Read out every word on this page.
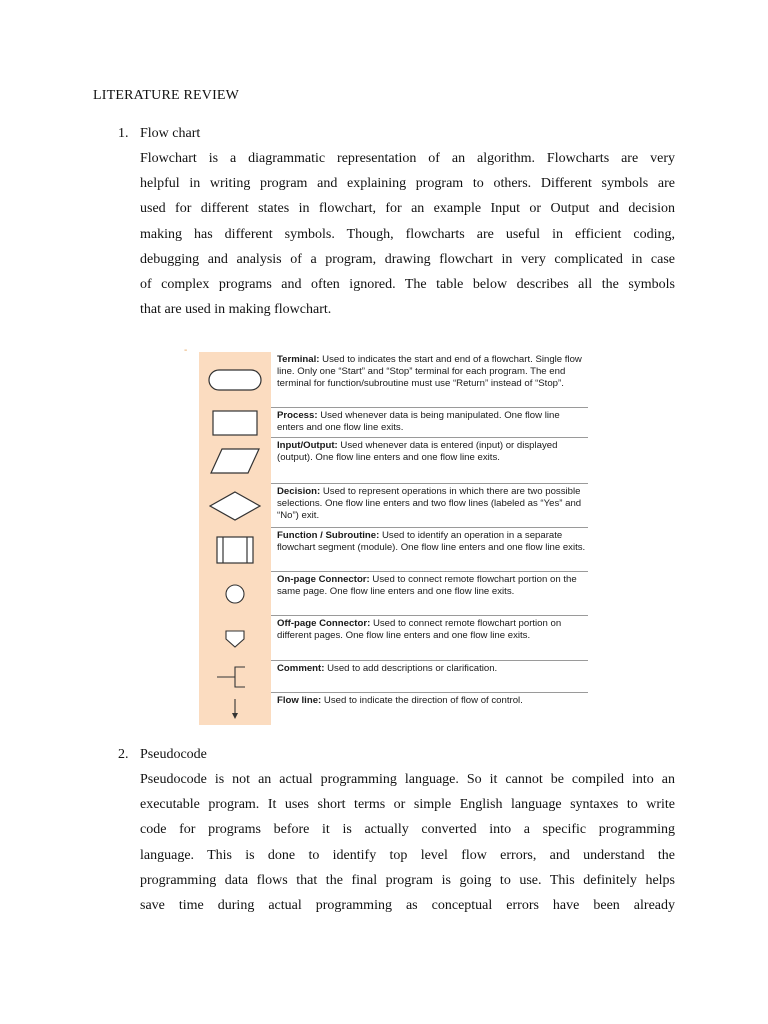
LITERATURE REVIEW
1. Flow chart
Flowchart is a diagrammatic representation of an algorithm. Flowcharts are very
helpful in writing program and explaining program to others. Different symbols are
used for different states in flowchart, for an example Input or Output and decision
making has different symbols. Though, flowcharts are useful in efficient coding,
debugging and analysis of a program, drawing flowchart in very complicated in case
of complex programs and often ignored. The table below describes all the symbols
that are used in making flowchart.
-
Terminal: Used to indicates the start and end of a flowchart. Single flow line. Only one “Start” and “Stop” terminal for each program. The end terminal for function/subroutine must use “Return” instead of “Stop”.
Process: Used whenever data is being manipulated. One flow line enters and one flow line exits.
Input/Output: Used whenever data is entered (input) or displayed (output). One flow line enters and one flow line exits.
Decision: Used to represent operations in which there are two possible selections. One flow line enters and two flow lines (labeled as “Yes” and “No”) exit.
Function / Subroutine: Used to identify an operation in a separate flowchart segment (module). One flow line enters and one flow line exits.
On-page Connector: Used to connect remote flowchart portion on the same page. One flow line enters and one flow line exits.
Off-page Connector: Used to connect remote flowchart portion on different pages. One flow line enters and one flow line exits.
Comment: Used to add descriptions or clarification.
Flow line: Used to indicate the direction of flow of control.
2. Pseudocode
Pseudocode is not an actual programming language. So it cannot be compiled into an
executable program. It uses short terms or simple English language syntaxes to write
code for programs before it is actually converted into a specific programming
language. This is done to identify top level flow errors, and understand the
programming data flows that the final program is going to use. This definitely helps
save time during actual programming as conceptual errors have been already
